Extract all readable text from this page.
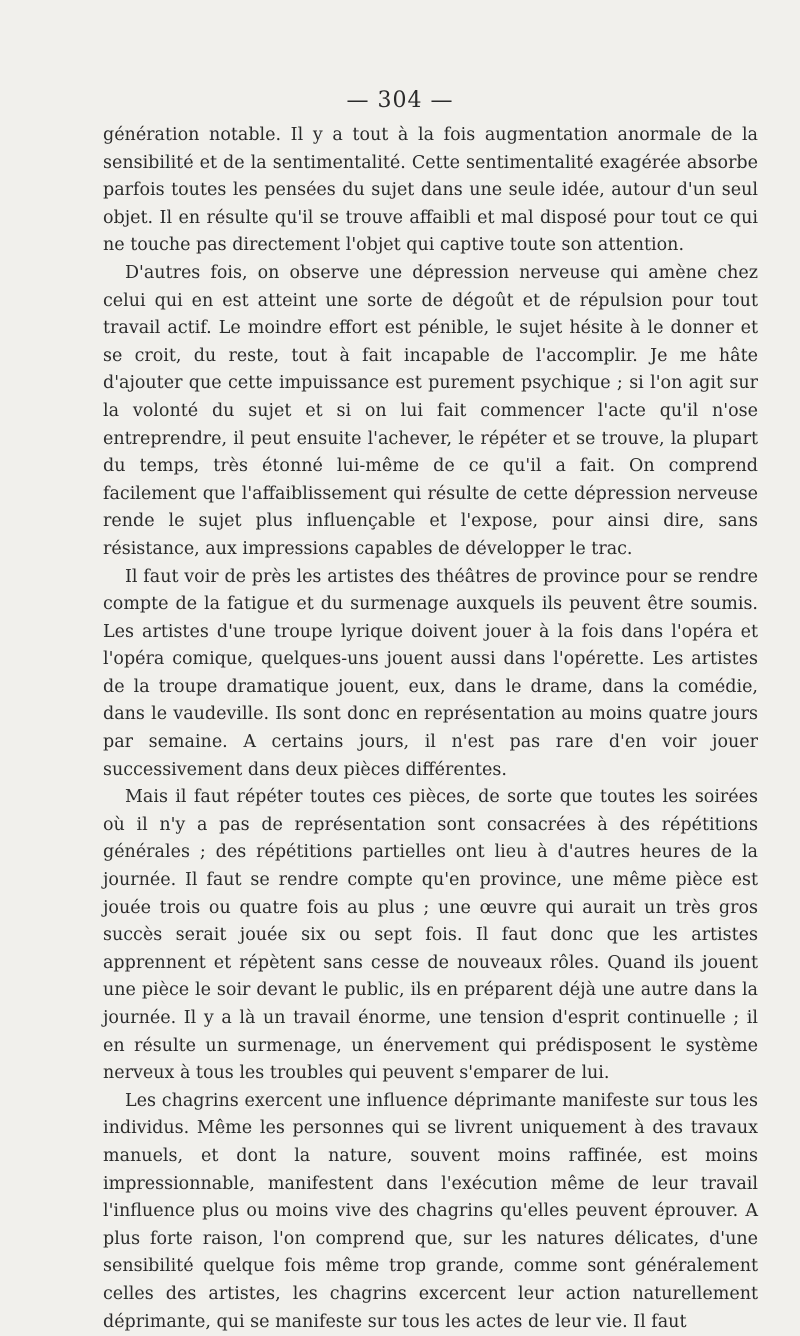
— 304 —

génération notable. Il y a tout à la fois augmentation anormale de la sensibilité et de la sentimentalité. Cette sentimentalité exagérée absorbe parfois toutes les pensées du sujet dans une seule idée, autour d'un seul objet. Il en résulte qu'il se trouve affaibli et mal disposé pour tout ce qui ne touche pas directement l'objet qui captive toute son attention.

D'autres fois, on observe une dépression nerveuse qui amène chez celui qui en est atteint une sorte de dégoût et de répulsion pour tout travail actif. Le moindre effort est pénible, le sujet hésite à le donner et se croit, du reste, tout à fait incapable de l'accomplir. Je me hâte d'ajouter que cette impuissance est purement psychique ; si l'on agit sur la volonté du sujet et si on lui fait commencer l'acte qu'il n'ose entreprendre, il peut ensuite l'achever, le répéter et se trouve, la plupart du temps, très étonné lui-même de ce qu'il a fait. On comprend facilement que l'affaiblissement qui résulte de cette dépression nerveuse rende le sujet plus influençable et l'expose, pour ainsi dire, sans résistance, aux impressions capables de développer le trac.

Il faut voir de près les artistes des théâtres de province pour se rendre compte de la fatigue et du surmenage auxquels ils peuvent être soumis. Les artistes d'une troupe lyrique doivent jouer à la fois dans l'opéra et l'opéra comique, quelques-uns jouent aussi dans l'opérette. Les artistes de la troupe dramatique jouent, eux, dans le drame, dans la comédie, dans le vaudeville. Ils sont donc en représentation au moins quatre jours par semaine. A certains jours, il n'est pas rare d'en voir jouer successivement dans deux pièces différentes.

Mais il faut répéter toutes ces pièces, de sorte que toutes les soirées où il n'y a pas de représentation sont consacrées à des répétitions générales ; des répétitions partielles ont lieu à d'autres heures de la journée. Il faut se rendre compte qu'en province, une même pièce est jouée trois ou quatre fois au plus ; une œuvre qui aurait un très gros succès serait jouée six ou sept fois. Il faut donc que les artistes apprennent et répètent sans cesse de nouveaux rôles. Quand ils jouent une pièce le soir devant le public, ils en préparent déjà une autre dans la journée. Il y a là un travail énorme, une tension d'esprit continuelle ; il en résulte un surmenage, un énervement qui prédisposent le système nerveux à tous les troubles qui peuvent s'emparer de lui.

Les chagrins exercent une influence déprimante manifeste sur tous les individus. Même les personnes qui se livrent uniquement à des travaux manuels, et dont la nature, souvent moins raffinée, est moins impressionnable, manifestent dans l'exécution même de leur travail l'influence plus ou moins vive des chagrins qu'elles peuvent éprouver. A plus forte raison, l'on comprend que, sur les natures délicates, d'une sensibilité quelque fois même trop grande, comme sont généralement celles des artistes, les chagrins excercent leur action naturellement déprimante, qui se manifeste sur tous les actes de leur vie. Il faut
